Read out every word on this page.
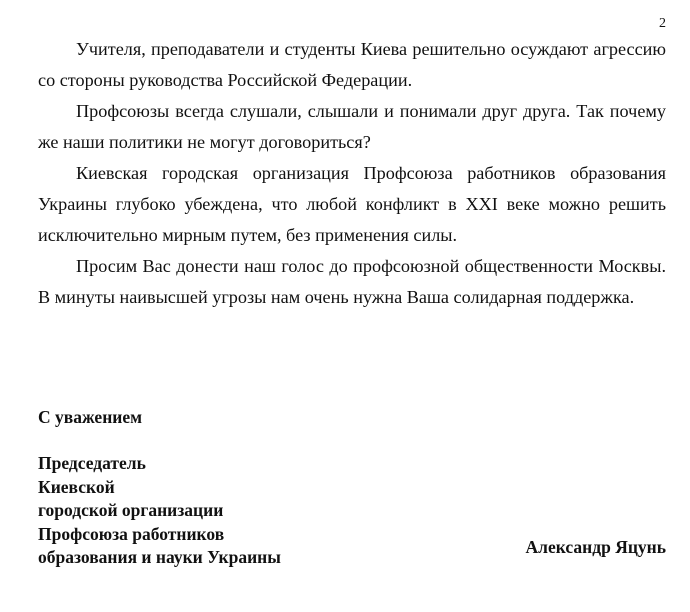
2

Учителя, преподаватели и студенты Киева решительно осуждают агрессию со стороны руководства Российской Федерации.

Профсоюзы всегда слушали, слышали и понимали друг друга. Так почему же наши политики не могут договориться?

Киевская городская организация Профсоюза работников образования Украины глубоко убеждена, что любой конфликт в XXI веке можно решить исключительно мирным путем, без применения силы.

Просим Вас донести наш голос до профсоюзной общественности Москвы. В минуты наивысшей угрозы нам очень нужна Ваша солидарная поддержка.

С уважением
Председатель
Киевской
городской организации
Профсоюза работников
образования и науки Украины	Александр Яцунь
